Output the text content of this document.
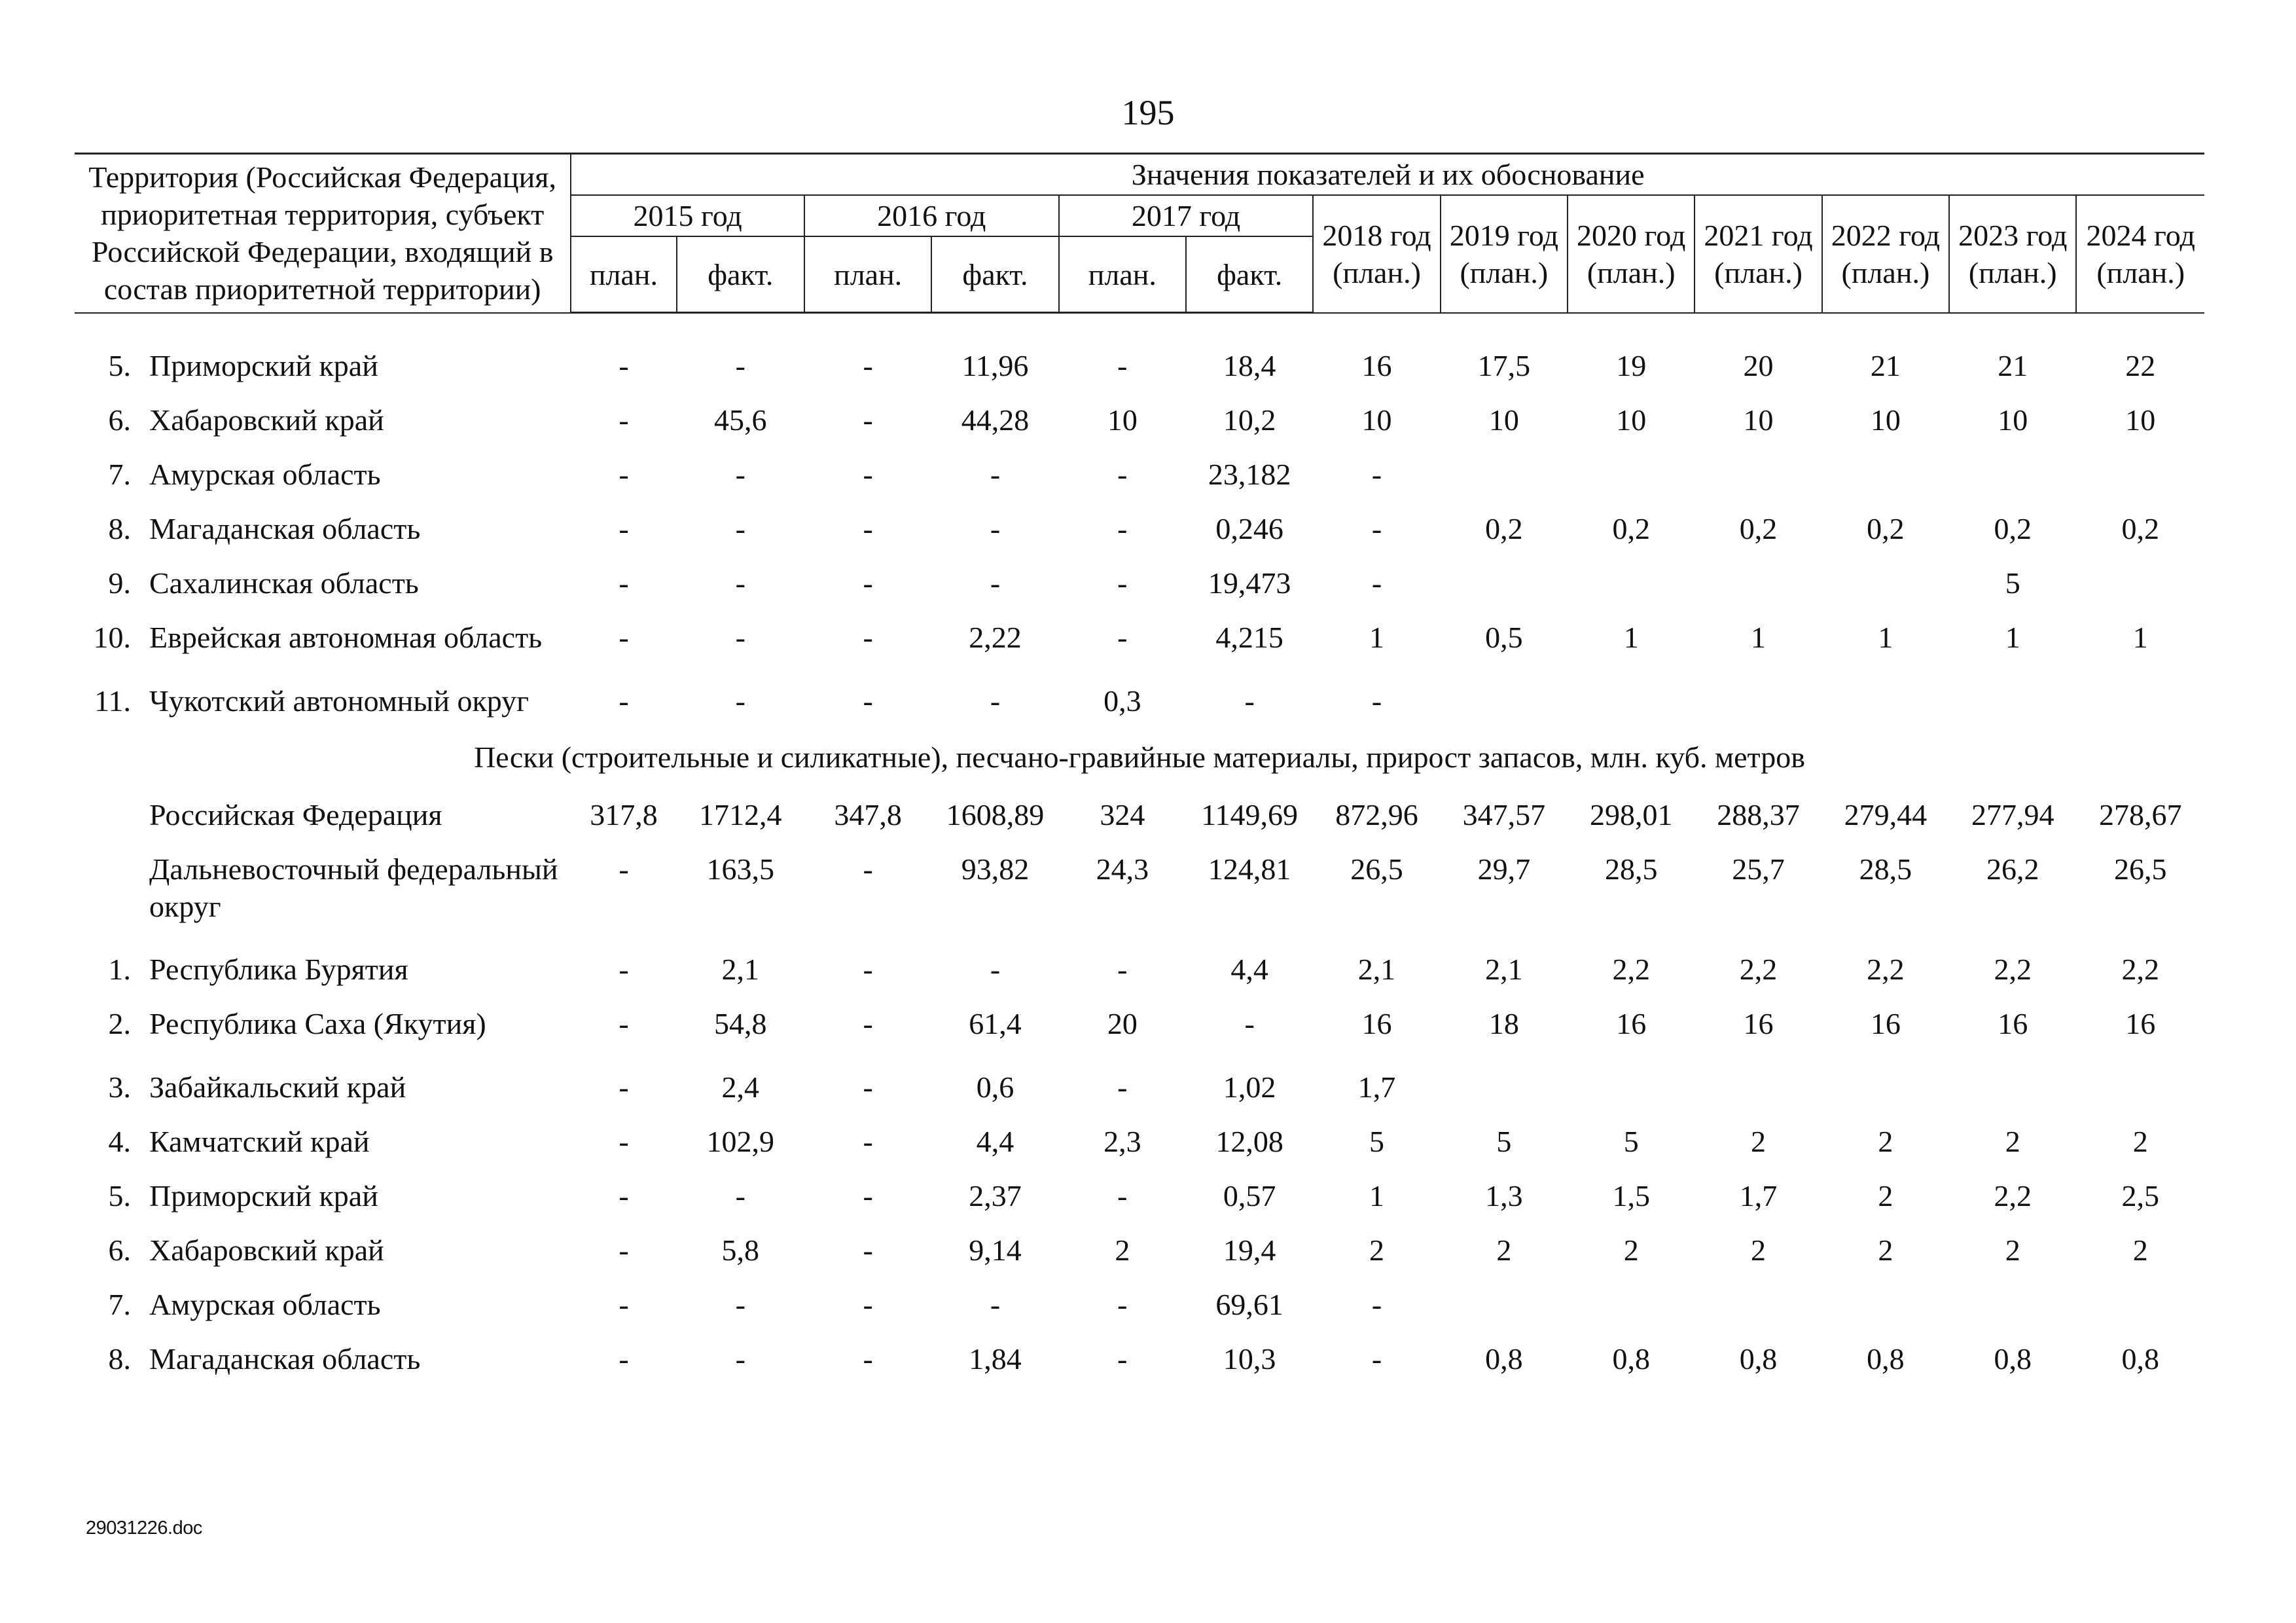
195
Территория (Российская Федерация, приоритетная территория, субъект Российской Федерации, входящий в состав приоритетной территории)	Значения показателей и их обоснование												
	2015 год		2016 год		2017 год		2018 год (план.)	2019 год (план.)	2020 год (план.)	2021 год (план.)	2022 год (план.)	2023 год (план.)	2024 год (план.)
	план.	факт.	план.	факт.	план.	факт.							

5. Приморский край	-	-	-	11,96	-	18,4	16	17,5	19	20	21	21	22

6. Хабаровский край	-	45,6	-	44,28	10	10,2	10	10	10	10	10	10	10

7. Амурская область	-	-	-	-	-	23,182	-						

8. Магаданская область	-	-	-	-	-	0,246	-	0,2	0,2	0,2	0,2	0,2	0,2

9. Сахалинская область	-	-	-	-	-	19,473	-					5	

10. Еврейская автономная область	-	-	-	2,22	-	4,215	1	0,5	1	1	1	1	1

11. Чукотский автономный округ	-	-	-	-	0,3	-	-						
Пески (строительные и силикатные), песчано-гравийные материалы, прирост запасов, млн. куб. метров													

Российская Федерация	317,8	1712,4	347,8	1608,89	324	1149,69	872,96	347,57	298,01	288,37	279,44	277,94	278,67

Дальневосточный федеральный округ	-	163,5	-	93,82	24,3	124,81	26,5	29,7	28,5	25,7	28,5	26,2	26,5

1. Республика Бурятия	-	2,1	-	-	-	4,4	2,1	2,1	2,2	2,2	2,2	2,2	2,2

2. Республика Саха (Якутия)	-	54,8	-	61,4	20	-	16	18	16	16	16	16	16

3. Забайкальский край	-	2,4	-	0,6	-	1,02	1,7						

4. Камчатский край	-	102,9	-	4,4	2,3	12,08	5	5	5	2	2	2	2

5. Приморский край	-	-	-	2,37	-	0,57	1	1,3	1,5	1,7	2	2,2	2,5

6. Хабаровский край	-	5,8	-	9,14	2	19,4	2	2	2	2	2	2	2

7. Амурская область	-	-	-	-	-	69,61	-						

8. Магаданская область	-	-	-	1,84	-	10,3	-	0,8	0,8	0,8	0,8	0,8	0,8
29031226.doc
